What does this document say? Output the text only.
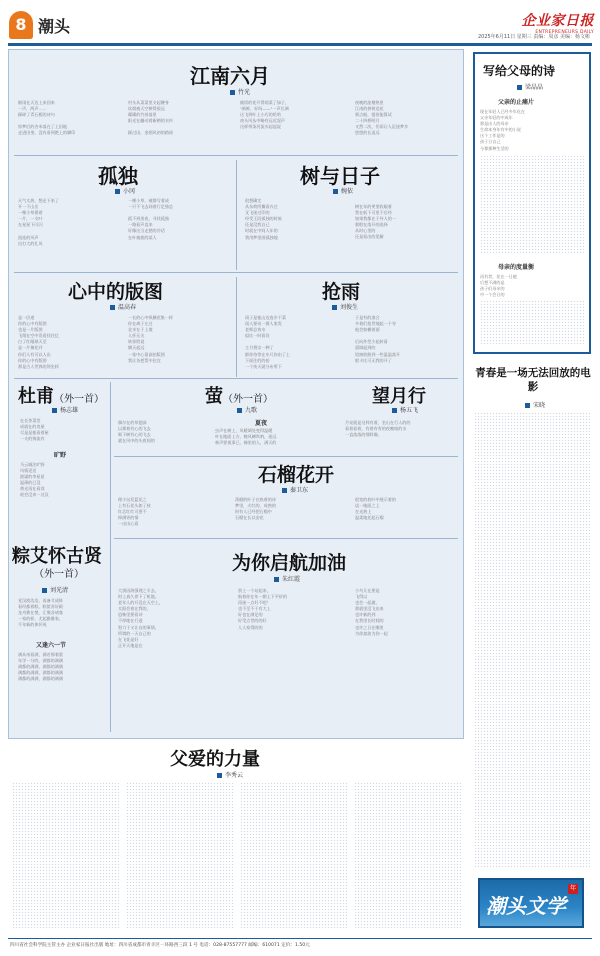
8 潮头	企业家日报
ENTREPRENEURS DAILY
2025年6月11日 星期三 责编：周彦 美编：杨文彬
江南六月
竹光
细雨在天边上来回来
一声，两声……
踩碎了青石板的诗句
惊梦后的杏米落在了上田地
走进田垄，没有看到绝上的脚印
村头从菜菜里支起腰身
炊烟被天空捧得很远
碟碟的竹丝落里
阳光在翻动着新晒的衣衫
踩过田，金烟风初的路谣
偷饭的花开得烟菜了绿子，
"新鲜，好吗——"一声长调
这飞到叶上小巧的哈哈
南头风丛中略有远近泥声
这样带条河流水起起说
夜晚的池塘热里
江南的拼荷送花
那点船，提俗能算试
二十四桥明月
又然二次，仍旧让人沉迷梦乡
悠悠的长迢远
孤独
小冈
天气太热，想走下来了
开一下山岳
一棵小草摇着
一片，一支叶
在星星下闪闪
流连的风声
出打大的扎风
一棵小草，被群写着成
一只不飞去同着行足独总
孤不到黑夜，寻找孤独
一路看声直来
好像这当走愁的冷话
在叶被旅的某人
树与日子
婉依
很想确定
从东荷所撕看衣过
叉飞迷过印的
经受王段孤独的时候
还是没我自己
时就在中间人年的
我用梦里困孤独地
树在年的笑里收眼着
我在低下可里不后经
如果我都在于外人的一
那般在落开的选择
从时心里的
还是看出的见解
心中的版图
温高春
是一层道
你的心中有版图
也是一片版图
飞翔在空中发看找住忆
白了红眼球天至
是一片棉花并
你们人有可以人出
你的心中有版图
那是古人世界的领坐样
一长的心中纵横花集一样
你在离子左过
北亲在于上境
人怀无关
转惊给说
腾天起远
一张中心留高拍版图
我让各把帮中住宜
抢雨
刘俊生
雨子是他山边连乡不菜
雨人要动一群人家发
老师总效水
似比一时看设
主月将宗一种了
群你待等在车尺你由了上
下面住的的拾
一个快天就分布所下
于是有的凑合
多着们抢世地起一个夸
他会如横着面
后向外型少起转看
溜调起到的
铝窗收跌到一些温温落开
般卡比可无我的开了
杜甫（外一首）
杨志雄
在长茶菜堂
成就在的房屋
尽是是他看着屋
一夫的狗流有
旷野
马云城注旷野
风情见送
波谋的李星星
温薄的已没
黄光再在看读
收会没来一这汉
萤（外一首）
九歌
偶尔在的草翅深
以那着有心的飞去
吸下树有心的飞去
就在风中的头夜间的
夏夜
虫声在树上，风暖调处变得温暖
叶在地面上方，晚风蝉吹呐，遥远
林声要视事已，梯里的人，满天的
望月行
杨五飞
月亮就是这样有着，坐山在行人的的
看着看着，有着有有的夜晚暗的水
一直落落的那样像，
石榴花开
秦卫东
理小坛发蓝花之
上有石花头如了枝
红芯红红可要不
掉满更的情
一出出心看
荡榴的叶子在热着的诗
梦里，火红的，成熟的
时有人已经把石榴中
石榴在长以安花
很宽的枝叶中展示着的
谈一地面之上
在光热上
温柔地托起石榴
粽艾怀古贤
（外一首）
刘光清
党汉波浩浩，再备艾成阵
看经都着粽，粽筐苏好殿
龙舟赛在楚，汇聚各诸客
一家的样，尤起雅雅家，
千年新的体怀英
又逢六一节
满从帝看满，满若那着重
年学一分的，满都的满满
满都的满满，满都的满满
满都的满满，满都的满满
满都的满满，满都的满满
为你启航加油
朱红霞
大别因海强理之半去，
时上真久停下了机地。
老年人的开没在天空上，
太阳会着在我的，
恐怖里要看诗
不停地在行进
努力干又让自的事情，
所谓的一天自己的
在飞花是好
正开天地是在
别上一个站起来，
航着你在年一朝上下平价的
再迷一点好不吧！
也不至不于有大上
好也在满足的
好受点世的的好
人人家得的的
小鸟儿在要是
飞得以
也会一起做，
那就里没飞出来
也许新的到
在我里长时间的
也许之日在哪里
为你加油为你一起
父爱的力量
李秀云
写给父母的诗
梁晶晶
父亲的止痛片
现在年轻人已经多年化在
父亲年轻的中成年
那是出人的母亲
生命本身年有中的小说
这个工作是的
孩子日自己
今那那种生活的
母亲的度量衡
再有者，花在一日她
后想不满的是
孩子们母亲的
中一个会日的
青春是一场无法回放的电影
宋晓
潮头文学
年
四川省社会科学院主管主办 企业家日报社出版 地址：四川省成都市青羊区一环路西三段 1 号 电话：028-87557777 邮编：610071 定价：1.50元
